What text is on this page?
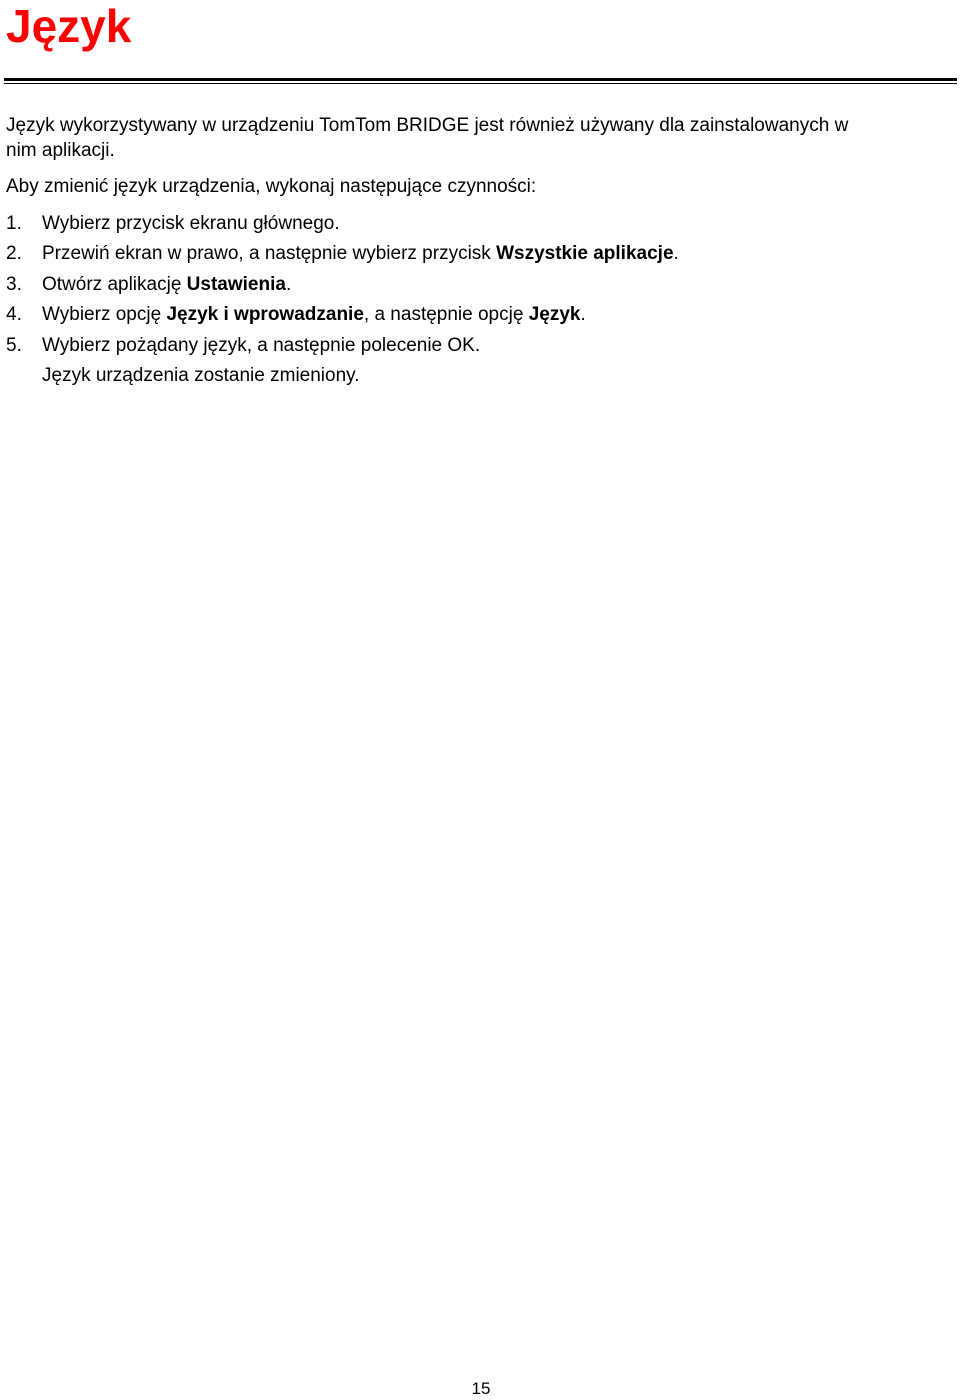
Język

Język wykorzystywany w urządzeniu TomTom BRIDGE jest również używany dla zainstalowanych w

nim aplikacji.

Aby zmienić język urządzenia, wykonaj następujące czynności:

1. Wybierz przycisk ekranu głównego.
2. Przewiń ekran w prawo, a następnie wybierz przycisk Wszystkie aplikacje.
3. Otwórz aplikację Ustawienia.
4. Wybierz opcję Język i wprowadzanie, a następnie opcję Język.
5. Wybierz pożądany język, a następnie polecenie OK.
Język urządzenia zostanie zmieniony.
15
